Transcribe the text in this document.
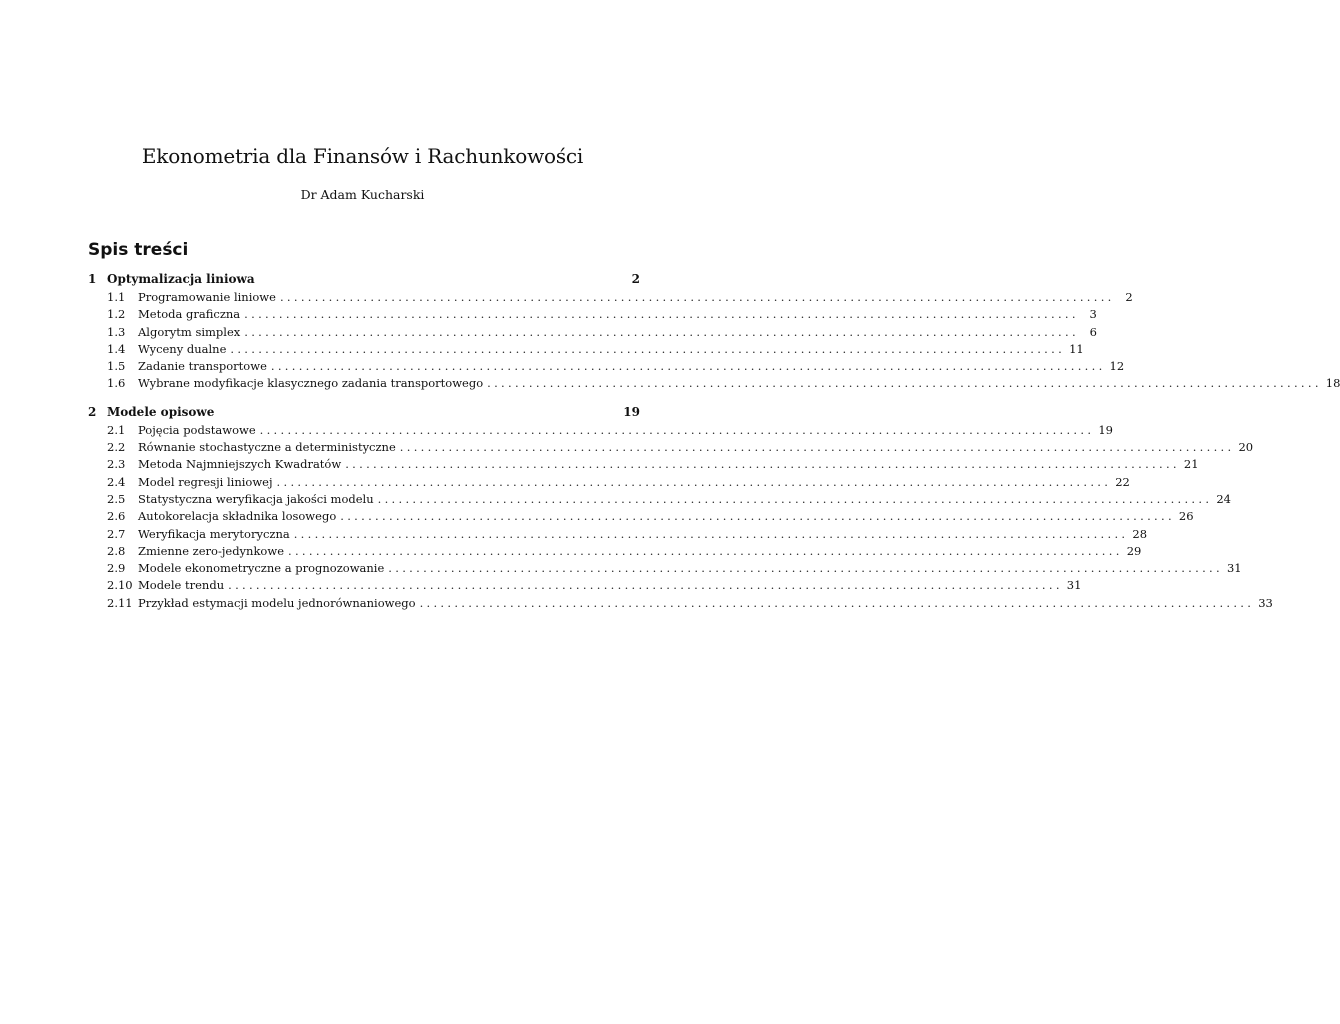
Ekonometria dla Finansów i Rachunkowości
Dr Adam Kucharski
Spis treści
1 Optymalizacja liniowa	2
1.1	Programowanie liniowe ........................................................................................................................ 2
1.2	Metoda graficzna ........................................................................................................................ 3
1.3	Algorytm simplex ........................................................................................................................ 6
1.4	Wyceny dualne ........................................................................................................................ 11
1.5	Zadanie transportowe ........................................................................................................................ 12
1.6	Wybrane modyfikacje klasycznego zadania transportowego ........................................................................................................................ 18
2 Modele opisowe	19
2.1	Pojęcia podstawowe ........................................................................................................................ 19
2.2	Równanie stochastyczne a deterministyczne ........................................................................................................................ 20
2.3	Metoda Najmniejszych Kwadratów ........................................................................................................................ 21
2.4	Model regresji liniowej ........................................................................................................................ 22
2.5	Statystyczna weryfikacja jakości modelu ........................................................................................................................ 24
2.6	Autokorelacja składnika losowego ........................................................................................................................ 26
2.7	Weryfikacja merytoryczna ........................................................................................................................ 28
2.8	Zmienne zero-jedynkowe ........................................................................................................................ 29
2.9	Modele ekonometryczne a prognozowanie ........................................................................................................................ 31
2.10 Modele trendu ........................................................................................................................ 31
2.11 Przykład estymacji modelu jednorównaniowego ........................................................................................................................ 33
